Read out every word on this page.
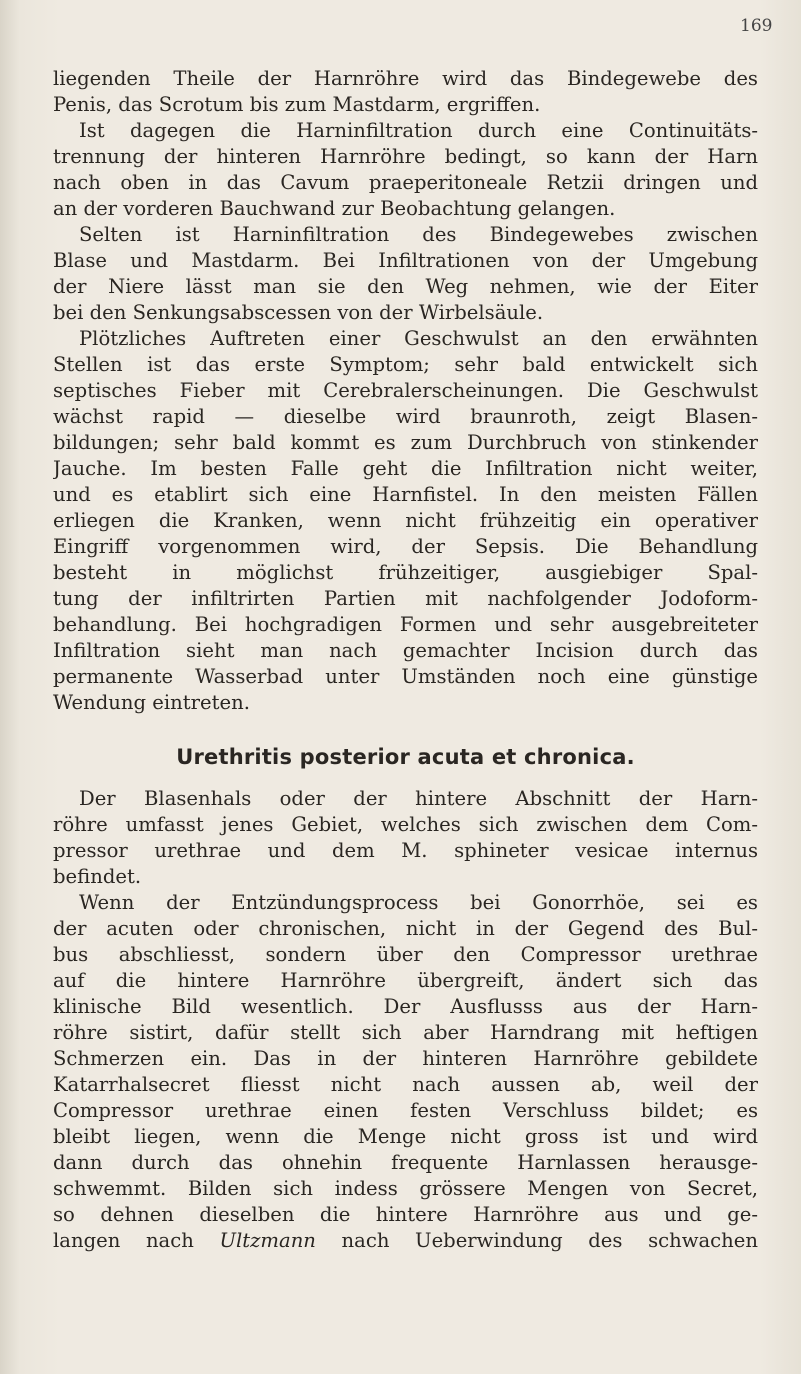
169
liegenden Theile der Harnröhre wird das Bindegewebe des
Penis, das Scrotum bis zum Mastdarm, ergriffen.
Ist dagegen die Harninfiltration durch eine Continuitäts-
trennung der hinteren Harnröhre bedingt, so kann der Harn
nach oben in das Cavum praeperitoneale Retzii dringen und
an der vorderen Bauchwand zur Beobachtung gelangen.
Selten ist Harninfiltration des Bindegewebes zwischen
Blase und Mastdarm. Bei Infiltrationen von der Umgebung
der Niere lässt man sie den Weg nehmen, wie der Eiter
bei den Senkungsabscessen von der Wirbelsäule.
Plötzliches Auftreten einer Geschwulst an den erwähnten
Stellen ist das erste Symptom; sehr bald entwickelt sich
septisches Fieber mit Cerebralerscheinungen. Die Geschwulst
wächst rapid — dieselbe wird braunroth, zeigt Blasen-
bildungen; sehr bald kommt es zum Durchbruch von stinkender
Jauche. Im besten Falle geht die Infiltration nicht weiter,
und es etablirt sich eine Harnfistel. In den meisten Fällen
erliegen die Kranken, wenn nicht frühzeitig ein operativer
Eingriff vorgenommen wird, der Sepsis. Die Behandlung
besteht in möglichst frühzeitiger, ausgiebiger Spal-
tung der infiltrirten Partien mit nachfolgender Jodoform-
behandlung. Bei hochgradigen Formen und sehr ausgebreiteter
Infiltration sieht man nach gemachter Incision durch das
permanente Wasserbad unter Umständen noch eine günstige
Wendung eintreten.
Urethritis posterior acuta et chronica.
Der Blasenhals oder der hintere Abschnitt der Harn-
röhre umfasst jenes Gebiet, welches sich zwischen dem Com-
pressor urethrae und dem M. sphineter vesicae internus
befindet.
Wenn der Entzündungsprocess bei Gonorrhöe, sei es
der acuten oder chronischen, nicht in der Gegend des Bul-
bus abschliesst, sondern über den Compressor urethrae
auf die hintere Harnröhre übergreift, ändert sich das
klinische Bild wesentlich. Der Ausflusss aus der Harn-
röhre sistirt, dafür stellt sich aber Harndrang mit heftigen
Schmerzen ein. Das in der hinteren Harnröhre gebildete
Katarrhalsecret fliesst nicht nach aussen ab, weil der
Compressor urethrae einen festen Verschluss bildet; es
bleibt liegen, wenn die Menge nicht gross ist und wird
dann durch das ohnehin frequente Harnlassen herausge-
schwemmt. Bilden sich indess grössere Mengen von Secret,
so dehnen dieselben die hintere Harnröhre aus und ge-
langen nach Ultzmann nach Ueberwindung des schwachen
